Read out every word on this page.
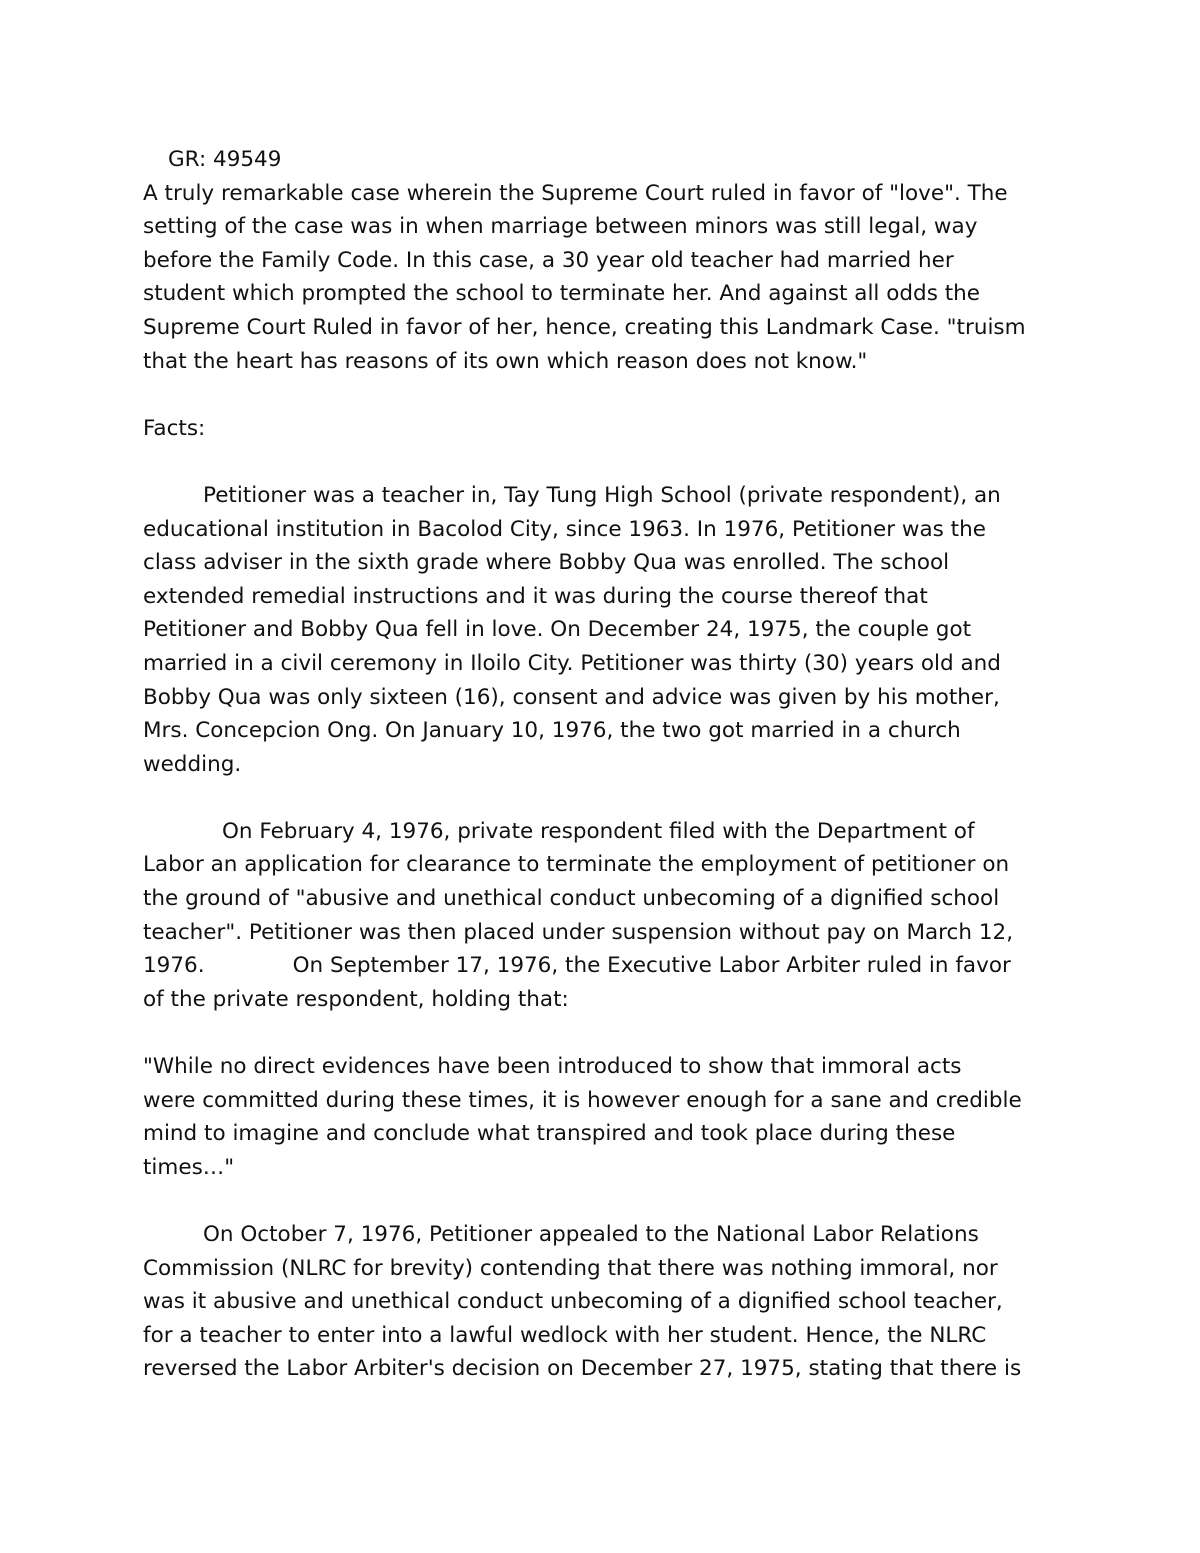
GR: 49549
A truly remarkable case wherein the Supreme Court ruled in favor of "love". The
setting of the case was in when marriage between minors was still legal, way
before the Family Code. In this case, a 30 year old teacher had married her
student which prompted the school to terminate her. And against all odds the
Supreme Court Ruled in favor of her, hence, creating this Landmark Case. "truism
that the heart has reasons of its own which reason does not know."
Facts:
Petitioner was a teacher in, Tay Tung High School (private respondent), an
educational institution in Bacolod City, since 1963. In 1976, Petitioner was the
class adviser in the sixth grade where Bobby Qua was enrolled. The school
extended remedial instructions and it was during the course thereof that
Petitioner and Bobby Qua fell in love. On December 24, 1975, the couple got
married in a civil ceremony in Iloilo City. Petitioner was thirty (30) years old and
Bobby Qua was only sixteen (16), consent and advice was given by his mother,
Mrs. Concepcion Ong. On January 10, 1976, the two got married in a church
wedding.
On February 4, 1976, private respondent filed with the Department of
Labor an application for clearance to terminate the employment of petitioner on
the ground of "abusive and unethical conduct unbecoming of a dignified school
teacher". Petitioner was then placed under suspension without pay on March 12,
1976.	On September 17, 1976, the Executive Labor Arbiter ruled in favor
of the private respondent, holding that:
"While no direct evidences have been introduced to show that immoral acts
were committed during these times, it is however enough for a sane and credible
mind to imagine and conclude what transpired and took place during these
times…"
On October 7, 1976, Petitioner appealed to the National Labor Relations
Commission (NLRC for brevity) contending that there was nothing immoral, nor
was it abusive and unethical conduct unbecoming of a dignified school teacher,
for a teacher to enter into a lawful wedlock with her student. Hence, the NLRC
reversed the Labor Arbiter's decision on December 27, 1975, stating that there is
